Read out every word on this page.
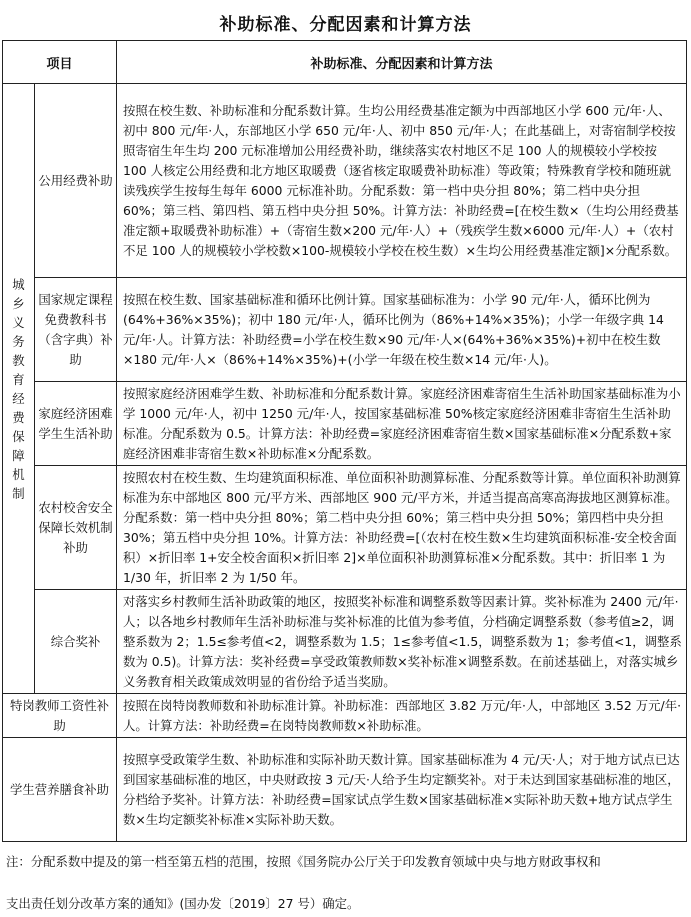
补助标准、分配因素和计算方法
项目		补助标准、分配因素和计算方法

城乡义务教育经费保障机制	公用经费补助	按照在校生数、补助标准和分配系数计算。生均公用经费基准定额为中西部地区小学 600 元/年·人、初中 800 元/年·人，东部地区小学 650 元/年·人、初中 850 元/年·人；在此基础上，对寄宿制学校按照寄宿生年生均 200 元标准增加公用经费补助，继续落实农村地区不足 100 人的规模较小学校按 100 人核定公用经费和北方地区取暖费（逐省核定取暖费补助标准）等政策；特殊教育学校和随班就读残疾学生按每生每年 6000 元标准补助。分配系数：第一档中央分担 80%；第二档中央分担 60%；第三档、第四档、第五档中央分担 50%。计算方法：补助经费=[在校生数×（生均公用经费基准定额+取暖费补助标准）+（寄宿生数×200 元/年·人）+（残疾学生数×6000 元/年·人）+（农村不足 100 人的规模较小学校数×100-规模较小学校在校生数）×生均公用经费基准定额]×分配系数。
	国家规定课程免费教科书（含字典）补助	按照在校生数、国家基础标准和循环比例计算。国家基础标准为：小学 90 元/年·人，循环比例为(64%+36%×35%)；初中 180 元/年·人，循环比例为（86%+14%×35%)；小学一年级字典 14 元/年·人。计算方法：补助经费=小学在校生数×90 元/年·人×(64%+36%×35%)+初中在校生数×180 元/年·人×（86%+14%×35%)+(小学一年级在校生数×14 元/年·人)。
	家庭经济困难学生生活补助	按照家庭经济困难学生数、补助标准和分配系数计算。家庭经济困难寄宿生生活补助国家基础标准为小学 1000 元/年·人，初中 1250 元/年·人，按国家基础标准 50%核定家庭经济困难非寄宿生生活补助标准。分配系数为 0.5。计算方法：补助经费=家庭经济困难寄宿生数×国家基础标准×分配系数+家庭经济困难非寄宿生数×补助标准×分配系数。
	农村校舍安全保障长效机制补助	按照农村在校生数、生均建筑面积标准、单位面积补助测算标准、分配系数等计算。单位面积补助测算标准为东中部地区 800 元/平方米、西部地区 900 元/平方米，并适当提高高寒高海拔地区测算标准。分配系数：第一档中央分担 80%；第二档中央分担 60%；第三档中央分担 50%；第四档中央分担 30%；第五档中央分担 10%。计算方法：补助经费=[（农村在校生数×生均建筑面积标准-安全校舍面积）×折旧率 1+安全校舍面积×折旧率 2]×单位面积补助测算标准×分配系数。其中：折旧率 1 为 1/30 年，折旧率 2 为 1/50 年。
	综合奖补	对落实乡村教师生活补助政策的地区，按照奖补标准和调整系数等因素计算。奖补标准为 2400 元/年·人；以各地乡村教师年生活补助标准与奖补标准的比值为参考值，分档确定调整系数（参考值≥2，调整系数为 2；1.5≤参考值<2，调整系数为 1.5；1≤参考值<1.5，调整系数为 1；参考值<1，调整系数为 0.5)。计算方法：奖补经费=享受政策教师数×奖补标准×调整系数。在前述基础上，对落实城乡义务教育相关政策成效明显的省份给予适当奖励。
特岗教师工资性补助		按照在岗特岗教师数和补助标准计算。补助标准：西部地区 3.82 万元/年·人，中部地区 3.52 万元/年·人。计算方法：补助经费=在岗特岗教师数×补助标准。
学生营养膳食补助		按照享受政策学生数、补助标准和实际补助天数计算。国家基础标准为 4 元/天·人；对于地方试点已达到国家基础标准的地区，中央财政按 3 元/天·人给予生均定额奖补。对于未达到国家基础标准的地区，分档给予奖补。计算方法：补助经费=国家试点学生数×国家基础标准×实际补助天数+地方试点学生数×生均定额奖补标准×实际补助天数。

注：分配系数中提及的第一档至第五档的范围，按照《国务院办公厅关于印发教育领域中央与地方财政事权和

支出责任划分改革方案的通知》(国办发〔2019〕27 号）确定。
